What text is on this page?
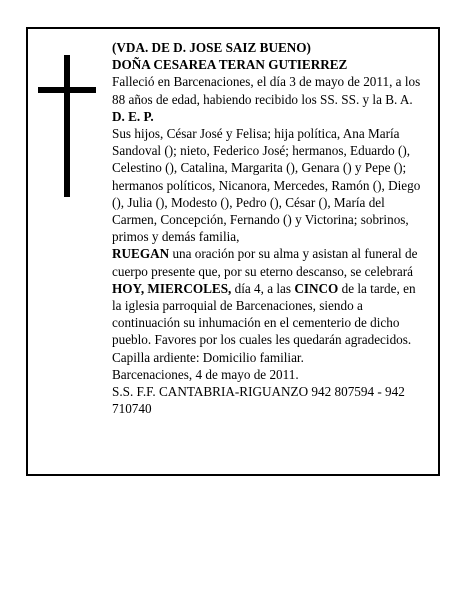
(VDA. DE D. JOSE SAIZ BUENO)

DOÑA CESAREA TERAN GUTIERREZ

Falleció en Barcenaciones, el día 3 de mayo de 2011, a los 88 años de edad, habiendo recibido los SS. SS. y la B. A.

D. E. P.

Sus hijos, César José y Felisa; hija política, Ana María Sandoval (); nieto, Federico José; hermanos, Eduardo (), Celestino (), Catalina, Margarita (), Genara () y Pepe (); hermanos políticos, Nicanora, Mercedes, Ramón (), Diego (), Julia (), Modesto (), Pedro (), César (), María del Carmen, Concepción, Fernando () y Victorina; sobrinos, primos y demás familia,

RUEGAN una oración por su alma y asistan al funeral de cuerpo presente que, por su eterno descanso, se celebrará HOY, MIERCOLES, día 4, a las CINCO de la tarde, en la iglesia parroquial de Barcenaciones, siendo a continuación su inhumación en el cementerio de dicho pueblo. Favores por los cuales les quedarán agradecidos. Capilla ardiente: Domicilio familiar.

Barcenaciones, 4 de mayo de 2011.

S.S. F.F. CANTABRIA-RIGUANZO 942 807594 - 942 710740
